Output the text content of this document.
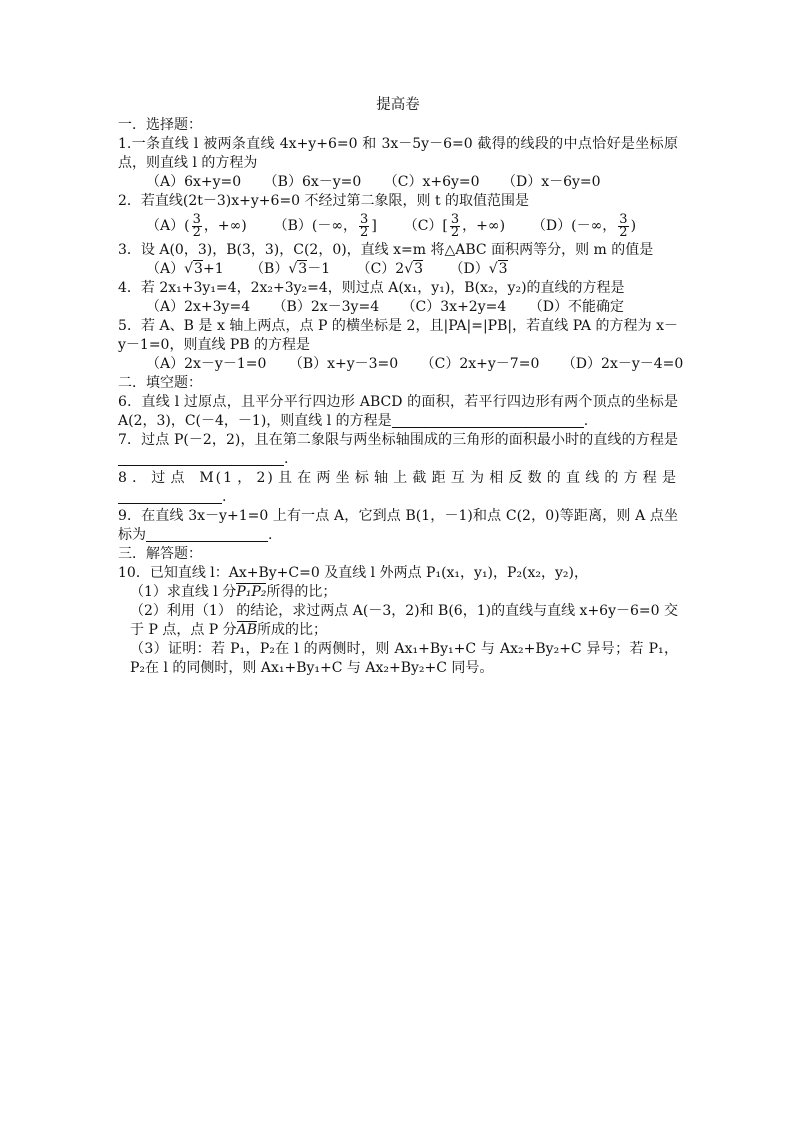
提高卷
一．选择题：
1.一条直线 l 被两条直线 4x+y+6=0 和 3x－5y－6=0 截得的线段的中点恰好是坐标原点，则直线 l 的方程为
（A）6x+y=0 （B）6x－y=0 （C）x+6y=0 （D）x－6y=0
2．若直线(2t－3)x+y+6=0 不经过第二象限，则 t 的取值范围是
$(A)( \frac{3}{2}$ ，+∞) （B）(－∞， $\frac{3}{2}$ ] $(C)[ \frac{3}{2}$ ，+∞) （D）(－∞， $\frac{3}{2}$ )
3．设 A(0，3)，B(3，3)，C(2，0)，直线 x=m 将△ABC 面积两等分，则 m 的值是
（A）√3+1 （B）√3－1 （C）2√3 （D）√3
4．若 2x₁+3y₁=4，2x₂+3y₂=4，则过点 A(x₁，y₁)，B(x₂，y₂)的直线的方程是
（A）2x+3y=4 （B）2x－3y=4 （C）3x+2y=4 （D）不能确定
5．若 A、B 是 x 轴上两点，点 P 的横坐标是 2，且|PA|=|PB|，若直线 PA 的方程为 x－y－1=0，则直线 PB 的方程是
（A）2x－y－1=0 （B）x+y－3=0 （C）2x+y－7=0 （D）2x－y－4=0
二．填空题：
6．直线 l 过原点，且平分平行四边形 ABCD 的面积，若平行四边形有两个顶点的坐标是 A(2，3)，C(－4，－1)，则直线 l 的方程是	.
7．过点 P(－2，2)，且在第二象限与两坐标轴围成的三角形的面积最小时的直线的方程是.
8．过点 M(1，2)且在两坐标轴上截距互为相反数的直线的方程是.
9．在直线 3x－y+1=0 上有一点 A，它到点 B(1，－1)和点 C(2，0)等距离，则 A 点坐标为	.
三．解答题：
10．已知直线 l：Ax+By+C=0 及直线 l 外两点 P₁(x₁，y₁)，P₂(x₂，y₂)，
（1）求直线 l 分P₁P₂所得的比；
（2）利用（1） 的结论，求过两点 A(－3，2)和 B(6，1)的直线与直线 x+6y－6=0 交于 P 点，点 P 分AB所成的比；
（3）证明：若 P₁，P₂在 l 的两侧时，则 Ax₁+By₁+C 与 Ax₂+By₂+C 异号；若 P₁，P₂在 l 的同侧时，则 Ax₁+By₁+C 与 Ax₂+By₂+C 同号。
